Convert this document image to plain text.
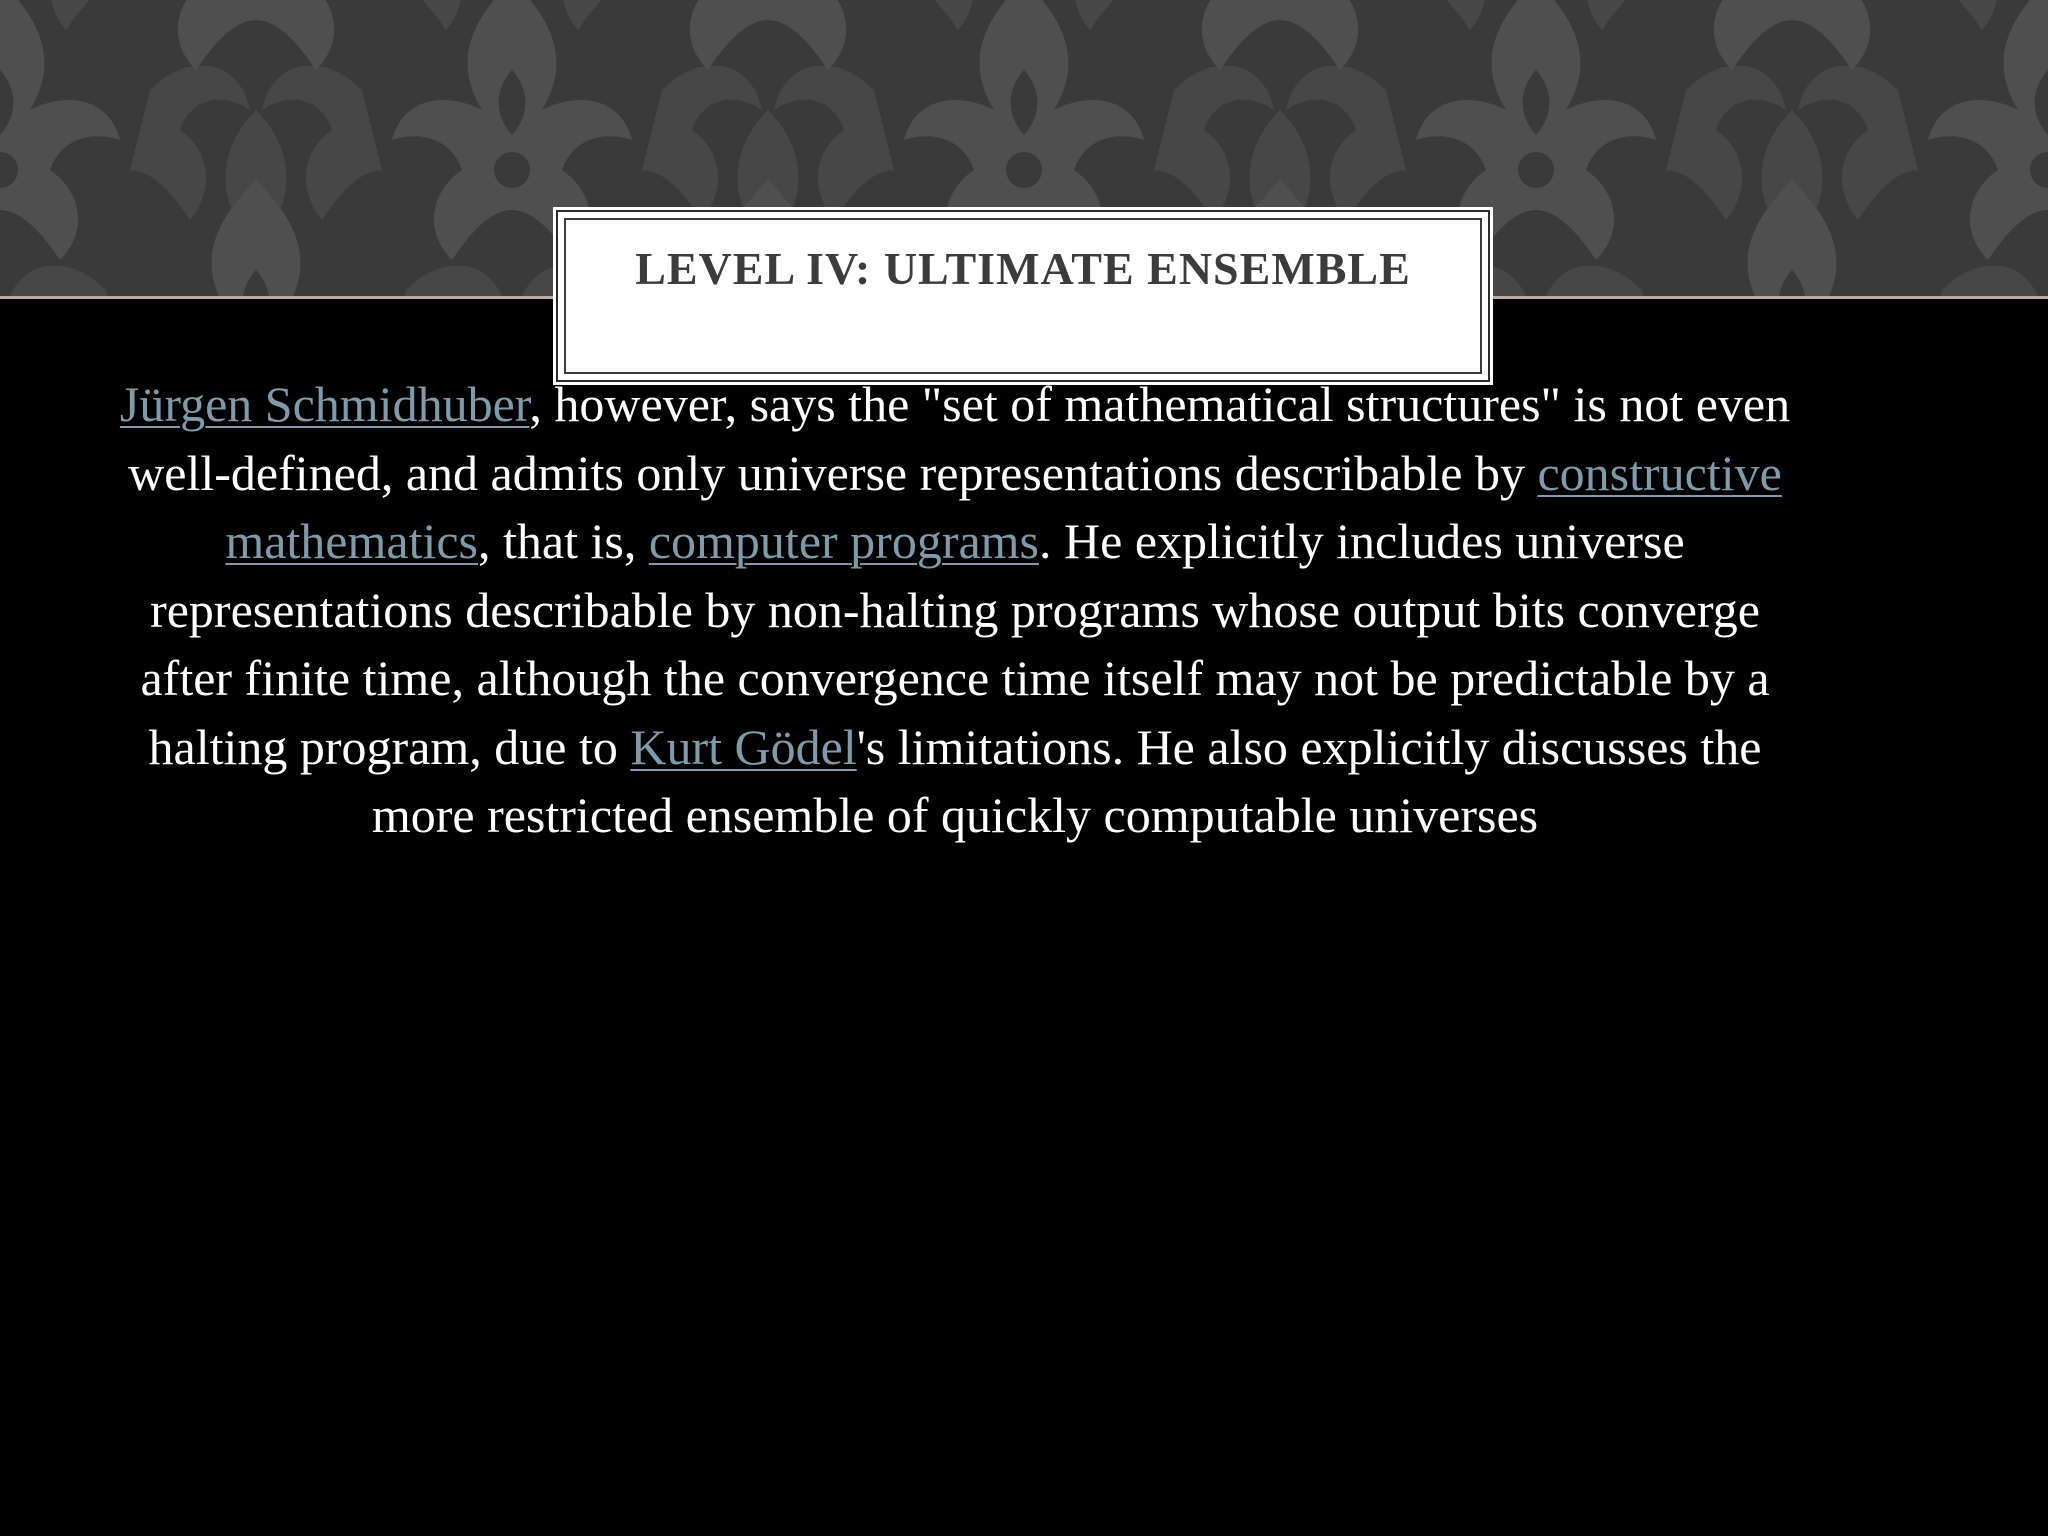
LEVEL IV: ULTIMATE ENSEMBLE
Jürgen Schmidhuber, however, says the "set of mathematical structures" is not even well-defined, and admits only universe representations describable by constructive mathematics, that is, computer programs. He explicitly includes universe representations describable by non-halting programs whose output bits converge after finite time, although the convergence time itself may not be predictable by a halting program, due to Kurt Gödel's limitations. He also explicitly discusses the more restricted ensemble of quickly computable universes
